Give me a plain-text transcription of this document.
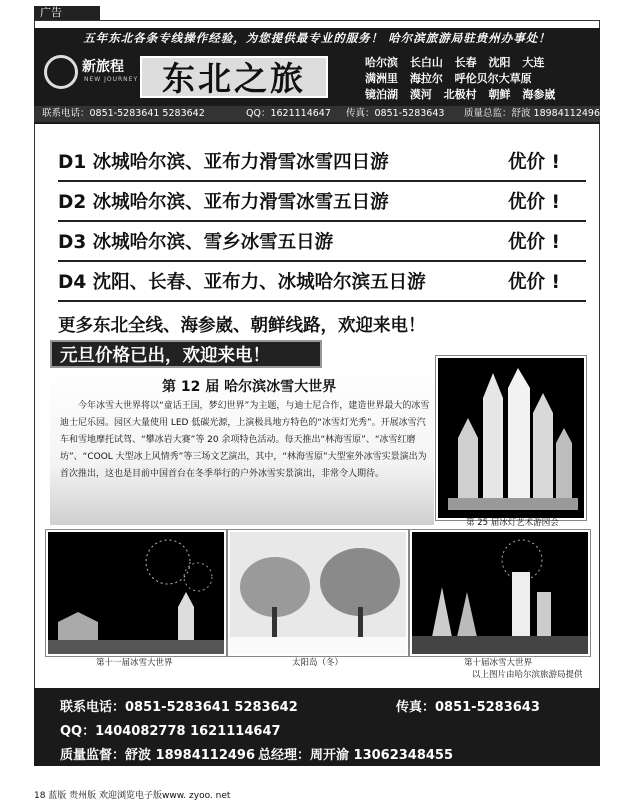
广告
五年东北各条专线操作经验，为您提供最专业的服务！ 哈尔滨旅游局驻贵州办事处！
新旅程
NEW JOURNEY 东北之旅	哈尔滨 长白山 长春 沈阳 大连
满洲里 海拉尔 呼伦贝尔大草原
镜泊湖 漠河 北极村 朝鲜 海参崴
联系电话：0851-5283641 5283642	QQ：1621114647 传真：0851-5283643 质量总监：舒波 18984112496
D1 冰城哈尔滨、亚布力滑雪冰雪四日游	优价 !
D2 冰城哈尔滨、亚布力滑雪冰雪五日游	优价 !
D3 冰城哈尔滨、雪乡冰雪五日游	优价 !
D4 沈阳、长春、亚布力、冰城哈尔滨五日游	优价 !
更多东北全线、海参崴、朝鲜线路，欢迎来电！
元旦价格已出，欢迎来电！
第 12 届 哈尔滨冰雪大世界
今年冰雪大世界将以“童话王国，梦幻世界”为主题，与迪士尼合作，建造世界最大的冰雪迪士尼乐园。园区大量使用 LED 低碳光源，上演极具地方特色的“冰雪灯光秀”。开展冰雪汽车和雪地摩托试驾、“攀冰岩大赛”等 20 余项特色活动。每天推出“林海雪原”、“冰雪红磨坊”、“COOL 大型冰上风情秀”等三场文艺演出，其中，“林海雪原”大型室外冰雪实景演出为首次推出，这也是目前中国首台在冬季举行的户外冰雪实景演出，非常令人期待。
第 25 届冰灯艺术游园会
第十一届冰雪大世界	太阳岛（冬）	第十届冰雪大世界
以上图片由哈尔滨旅游局提供
联系电话：0851-5283641 5283642	传真：0851-5283643
QQ：1404082778 1621114647
质量监督：舒波 18984112496 总经理：周开渝 13062348455
贵州神州旅行社有限公司
18 蓝版 贵州版 欢迎浏览电子版www. zyoo. net
